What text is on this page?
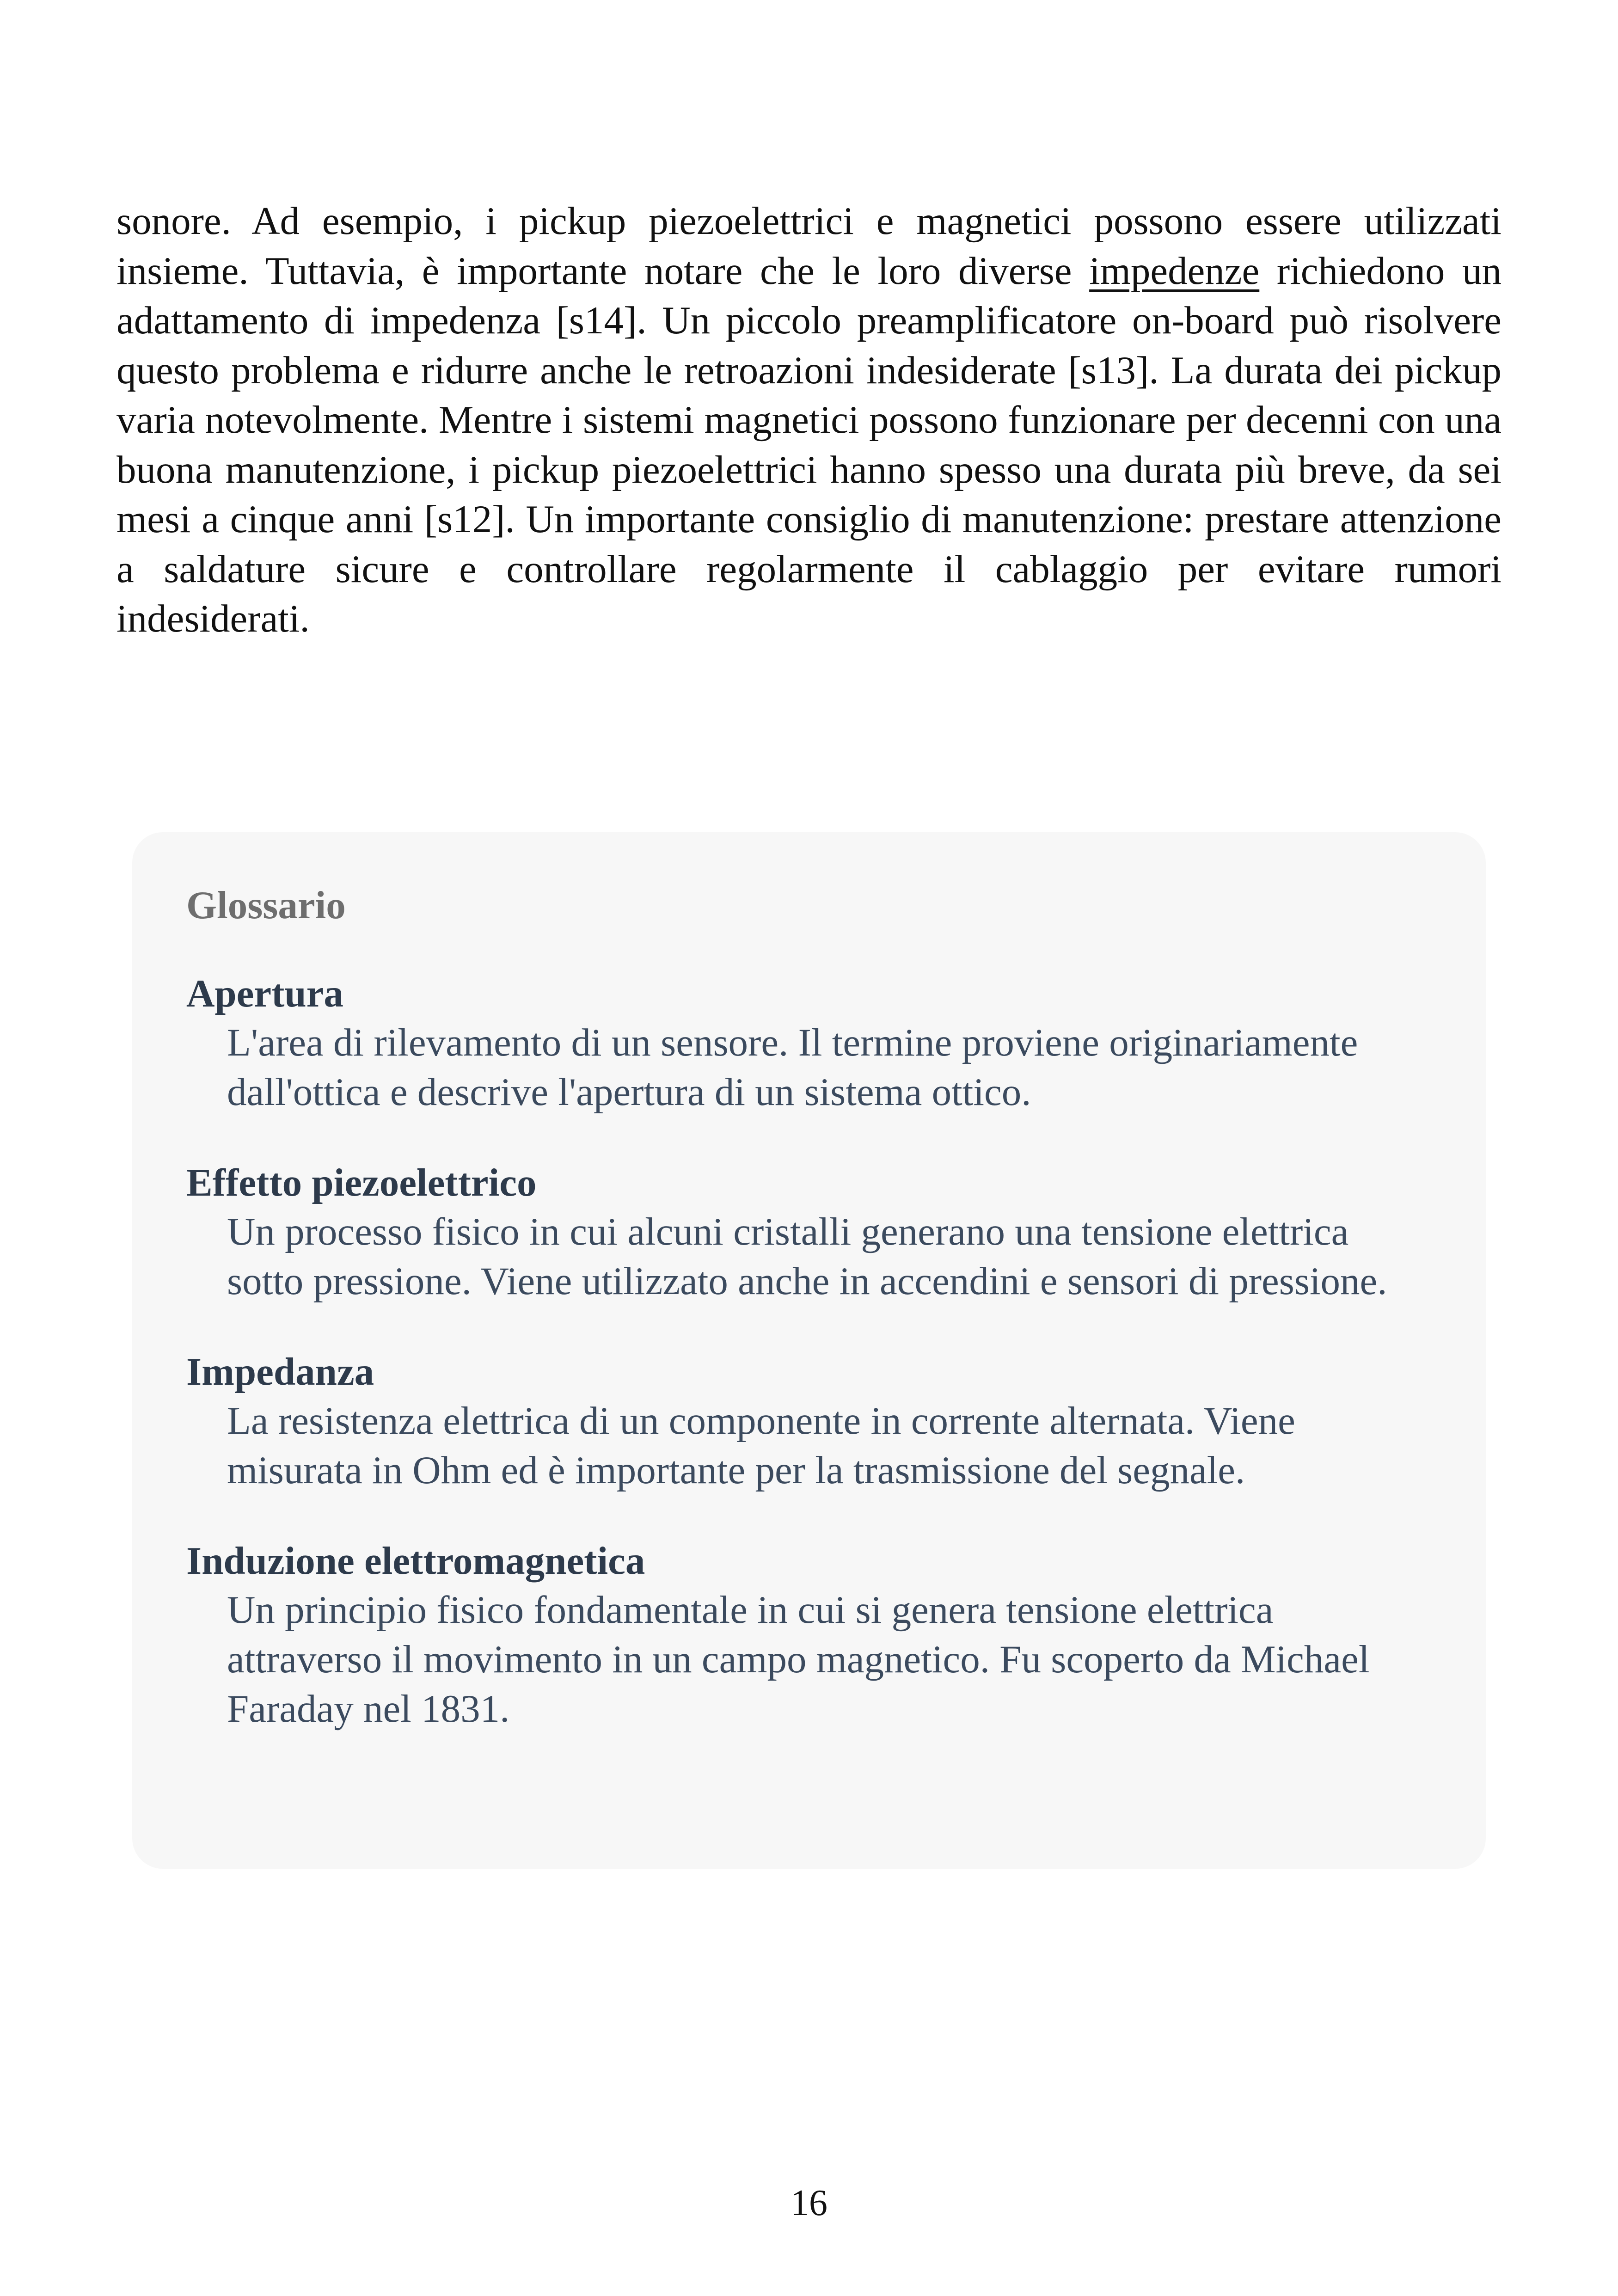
sonore. Ad esempio, i pickup piezoelettrici e magnetici possono essere utilizzati insieme. Tuttavia, è importante notare che le loro diverse impedenze richiedono un adattamento di impedenza [s14]. Un piccolo preamplificatore on-board può risolvere questo problema e ridurre anche le retroazioni indesiderate [s13]. La durata dei pickup varia notevolmente. Mentre i sistemi magnetici possono funzionare per decenni con una buona manutenzione, i pickup piezoelettrici hanno spesso una durata più breve, da sei mesi a cinque anni [s12]. Un importante consiglio di manutenzione: prestare attenzione a saldature sicure e controllare regolarmente il cablaggio per evitare rumori indesiderati.

Glossario

Apertura

L'area di rilevamento di un sensore. Il termine proviene originariamente dall'ottica e descrive l'apertura di un sistema ottico.

Effetto piezoelettrico

Un processo fisico in cui alcuni cristalli generano una tensione elettrica sotto pressione. Viene utilizzato anche in accendini e sensori di pressione.

Impedanza

La resistenza elettrica di un componente in corrente alternata. Viene misurata in Ohm ed è importante per la trasmissione del segnale.

Induzione elettromagnetica

Un principio fisico fondamentale in cui si genera tensione elettrica attraverso il movimento in un campo magnetico. Fu scoperto da Michael Faraday nel 1831.

16
